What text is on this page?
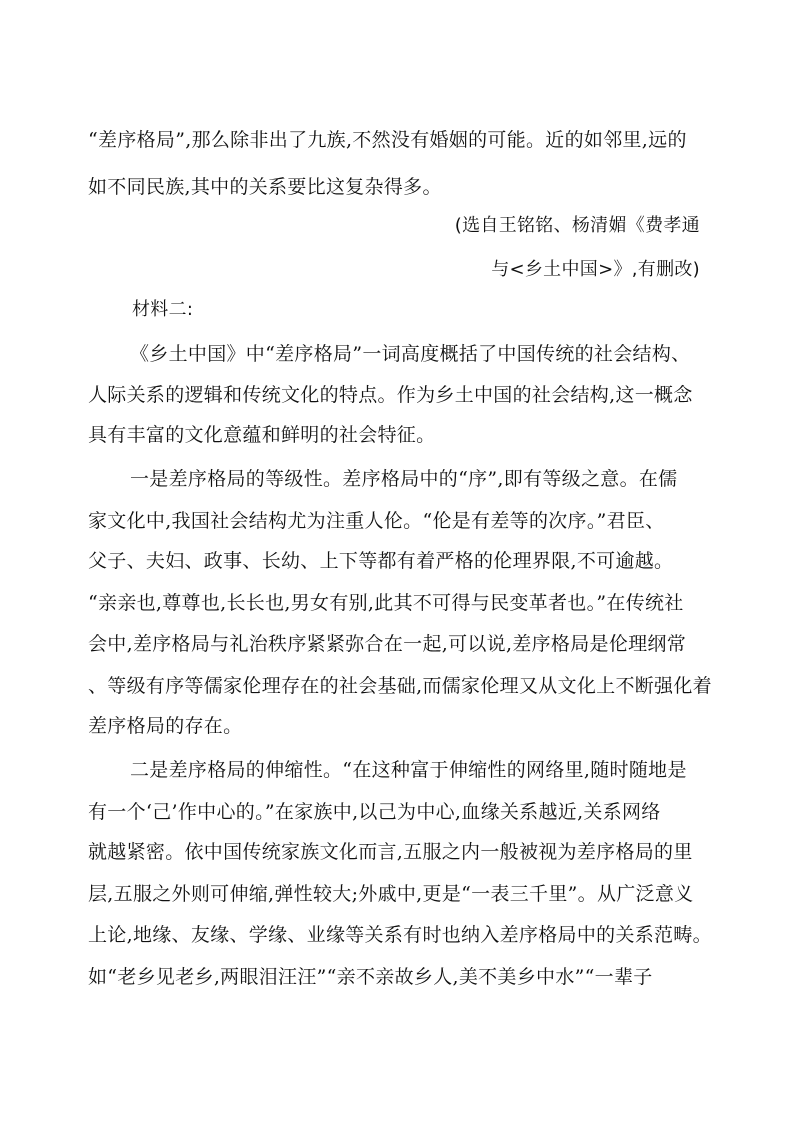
“差序格局”,那么除非出了九族,不然没有婚姻的可能。近的如邻里,远的
如不同民族,其中的关系要比这复杂得多。
(选自王铭铭、杨清媚《费孝通
与<乡土中国>》,有删改)
材料二:
《乡土中国》中“差序格局”一词高度概括了中国传统的社会结构、
人际关系的逻辑和传统文化的特点。作为乡土中国的社会结构,这一概念
具有丰富的文化意蕴和鲜明的社会特征。
一是差序格局的等级性。差序格局中的“序”,即有等级之意。在儒
家文化中,我国社会结构尤为注重人伦。“伦是有差等的次序。”君臣、
父子、夫妇、政事、长幼、上下等都有着严格的伦理界限,不可逾越。
“亲亲也,尊尊也,长长也,男女有别,此其不可得与民变革者也。”在传统社
会中,差序格局与礼治秩序紧紧弥合在一起,可以说,差序格局是伦理纲常
、等级有序等儒家伦理存在的社会基础,而儒家伦理又从文化上不断强化着
差序格局的存在。
二是差序格局的伸缩性。“在这种富于伸缩性的网络里,随时随地是
有一个‘己’作中心的。”在家族中,以己为中心,血缘关系越近,关系网络
就越紧密。依中国传统家族文化而言,五服之内一般被视为差序格局的里
层,五服之外则可伸缩,弹性较大;外戚中,更是“一表三千里”。从广泛意义
上论,地缘、友缘、学缘、业缘等关系有时也纳入差序格局中的关系范畴。
如“老乡见老乡,两眼泪汪汪”“亲不亲故乡人,美不美乡中水”“一辈子
